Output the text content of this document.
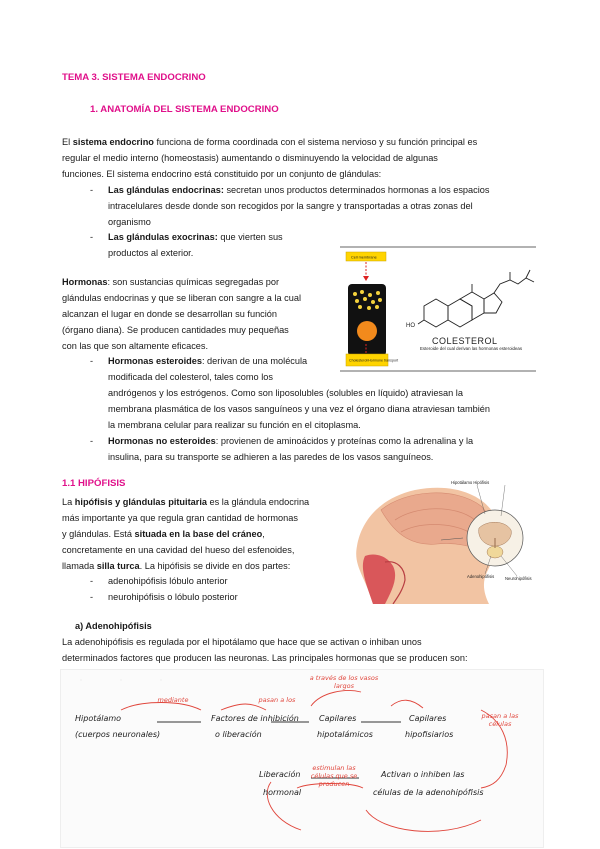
TEMA 3. SISTEMA ENDOCRINO
1. ANATOMÍA DEL SISTEMA ENDOCRINO
El sistema endocrino funciona de forma coordinada con el sistema nervioso y su función principal es
regular el medio interno (homeostasis) aumentando o disminuyendo la velocidad de algunas
funciones. El sistema endocrino está constituido por un conjunto de glándulas:
- Las glándulas endocrinas: secretan unos productos determinados hormonas a los espacios
intracelulares desde donde son recogidos por la sangre y transportadas a otras zonas del
organismo
- Las glándulas exocrinas: que vierten sus
productos al exterior.	Cell membrane
Cholesterol/Hormone transport
HO
COLESTEROL
Esteroide del cual derivan las hormonas esteroideas
Hormonas: son sustancias químicas segregadas por
glándulas endocrinas y que se liberan con sangre a la cual
alcanzan el lugar en donde se desarrollan su función
(órgano diana). Se producen cantidades muy pequeñas
con las que son altamente eficaces.
- Hormonas esteroides: derivan de una molécula
modificada del colesterol, tales como los
andrógenos y los estrógenos. Como son liposolubles (solubles en líquido) atraviesan la
membrana plasmática de los vasos sanguíneos y una vez el órgano diana atraviesan también
la membrana celular para realizar su función en el citoplasma.
- Hormonas no esteroides: provienen de aminoácidos y proteínas como la adrenalina y la
insulina, para su transporte se adhieren a las paredes de los vasos sanguíneos.
1.1 HIPÓFISIS
La hipófisis y glándulas pituitaria es la glándula endocrina
más importante ya que regula gran cantidad de hormonas
y glándulas. Está situada en la base del cráneo,
concretamente en una cavidad del hueso del esfenoides,
llamada silla turca. La hipófisis se divide en dos partes:
- adenohipófisis lóbulo anterior
- neurohipófisis o lóbulo posterior
Hipotálamo Hipófisis
Adenohipófisis	Neurohipófisis
a) Adenohipófisis
La adenohipófisis es regulada por el hipotálamo que hace que se activan o inhiban unos
determinados factores que producen las neuronas. Las principales hormonas que se producen son:
Hipotálamo
(cuerpos neuronales)
Factores de inhibición
o liberación
Capilares
hipotalámicos
Capilares
hipofisiarios
Liberación
hormonal
Activan o inhiben las
células de la adenohipófisis
mediante	pasan a los
a través de los vasos largos
pasan a las células
estimulan las células que se producen
